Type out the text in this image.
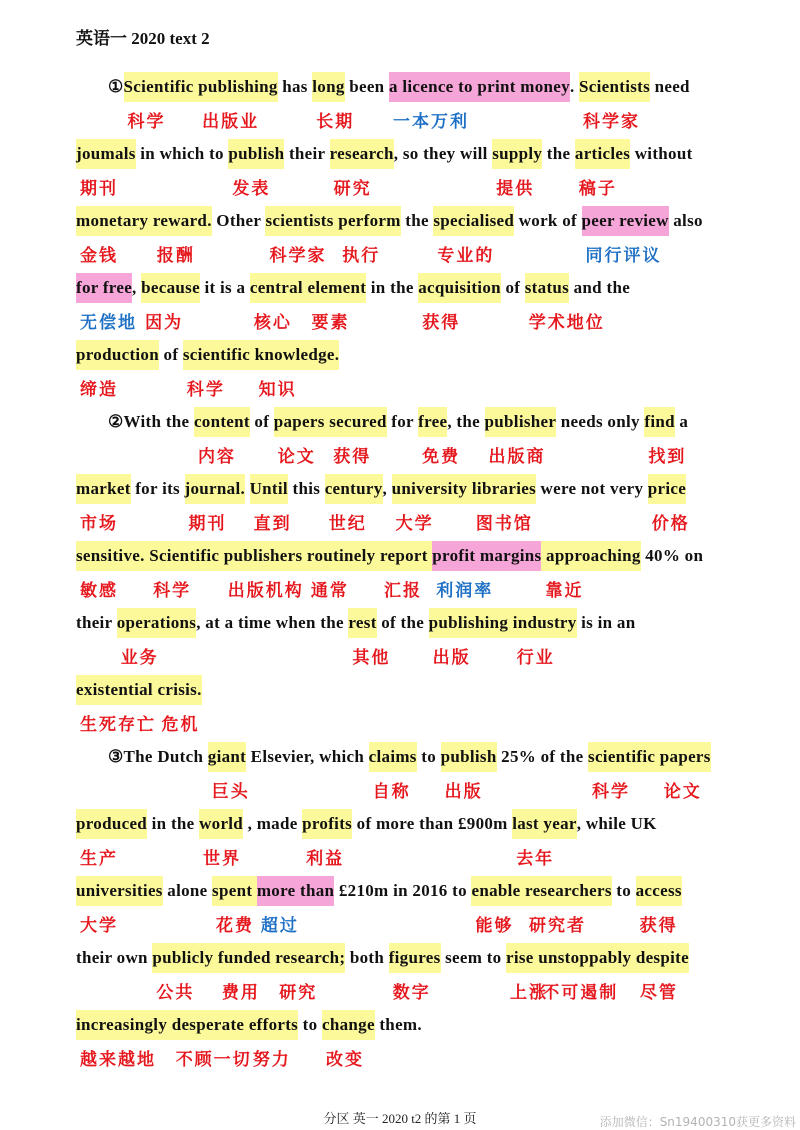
英语一 2020 text 2
①Scientific
科学
publishing
出版业
has long
长期
been a licence to print money
一本万利
. Scientists
科学家
need
joumals
期刊
in which to publish
发表
their research
研究
, so they will supply
提供
the articles
稿子
without
monetary
金钱
reward.
报酬
Other scientists
科学家
perform
执行
the specialised
专业的
work of peer review
同行评议
also
for free
无偿地
, because
因为
it is a central
核心
element
要素
in the acquisition
获得
of status
学术地位
and the
production
缔造
of scientific
科学
knowledge.
知识
②With the content
内容
of papers
论文
secured
获得
for free
免费
, the publisher
出版商
needs only find
找到
a
market
市场
for its journal.
期刊
Until
直到
this century
世纪
, university
大学
libraries
图书馆
were not very price
价格
sensitive.
敏感
Scientific
科学
publishers
出版机构
routinely
通常
report
汇报
profit margins
利润率
approaching
靠近
40% on
their operations
业务
, at a time when the rest
其他
of the publishing
出版
industry
行业
is in an
existential
生死存亡
crisis.
危机
③The Dutch giant
巨头
Elsevier, which claims
自称
to publish
出版
25% of the scientific
科学
papers
论文
produced
生产
in the world
世界
, made profits
利益
of more than £900m last year
去年
, while UK
universities
大学
alone spent
花费
more than
超过
£210m in 2016 to enable
能够
researchers
研究者
to access
获得
their own publicly
公共
funded
费用
research;
研究
both figures
数字
seem to rise
上涨
unstoppably
不可遏制
despite
尽管
increasingly
越来越地
desperate
不顾一切
efforts
努力
to change
改变
them.
分区 英一 2020 t2 的第 1 页	添加微信：Sn19400310获更多资料
